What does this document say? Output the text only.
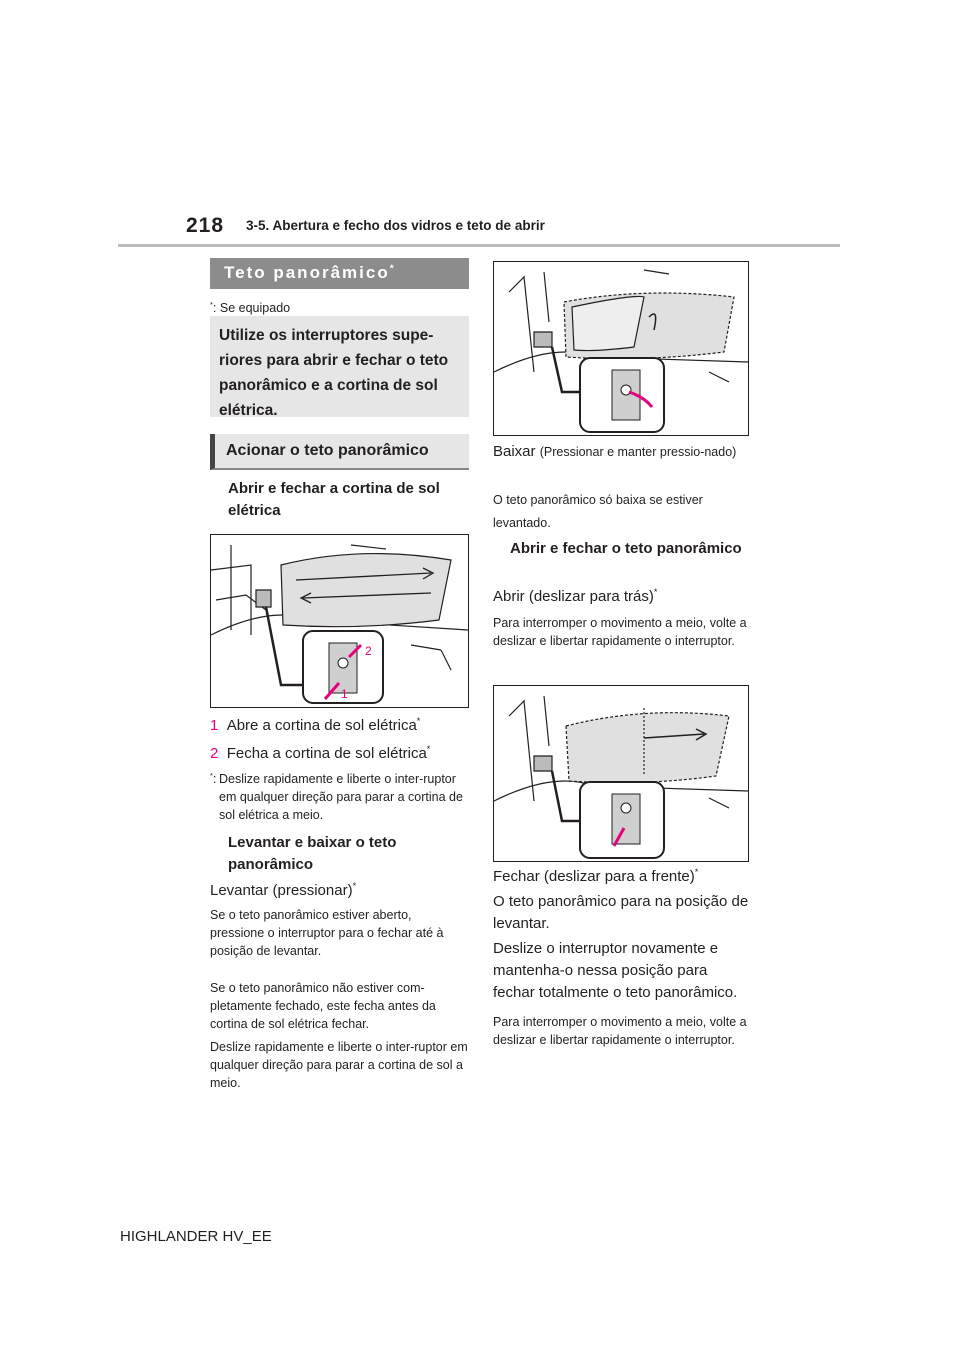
218 3-5. Abertura e fecho dos vidros e teto de abrir
Teto panorâmico*
*: Se equipado
Utilize os interruptores supe-riores para abrir e fechar o teto panorâmico e a cortina de sol elétrica.
Acionar o teto panorâmico
Abrir e fechar a cortina de sol elétrica
2
1
1 Abre a cortina de sol elétrica*
2 Fecha a cortina de sol elétrica*
*: Deslize rapidamente e liberte o inter-ruptor em qualquer direção para parar a cortina de sol elétrica a meio.
Levantar e baixar o teto panorâmico
Levantar (pressionar)*
Se o teto panorâmico estiver aberto, pressione o interruptor para o fechar até à posição de levantar.
Se o teto panorâmico não estiver com-pletamente fechado, este fecha antes da cortina de sol elétrica fechar.
Deslize rapidamente e liberte o inter-ruptor em qualquer direção para parar a cortina de sol a meio.
Baixar (Pressionar e manter pressio-nado)
O teto panorâmico só baixa se estiver levantado.
Abrir e fechar o teto panorâmico
Abrir (deslizar para trás)*
Para interromper o movimento a meio, volte a deslizar e libertar rapidamente o interruptor.
Fechar (deslizar para a frente)*
O teto panorâmico para na posição de levantar.
Deslize o interruptor novamente e mantenha-o nessa posição para fechar totalmente o teto panorâmico.
Para interromper o movimento a meio, volte a deslizar e libertar rapidamente o interruptor.
HIGHLANDER HV_EE
